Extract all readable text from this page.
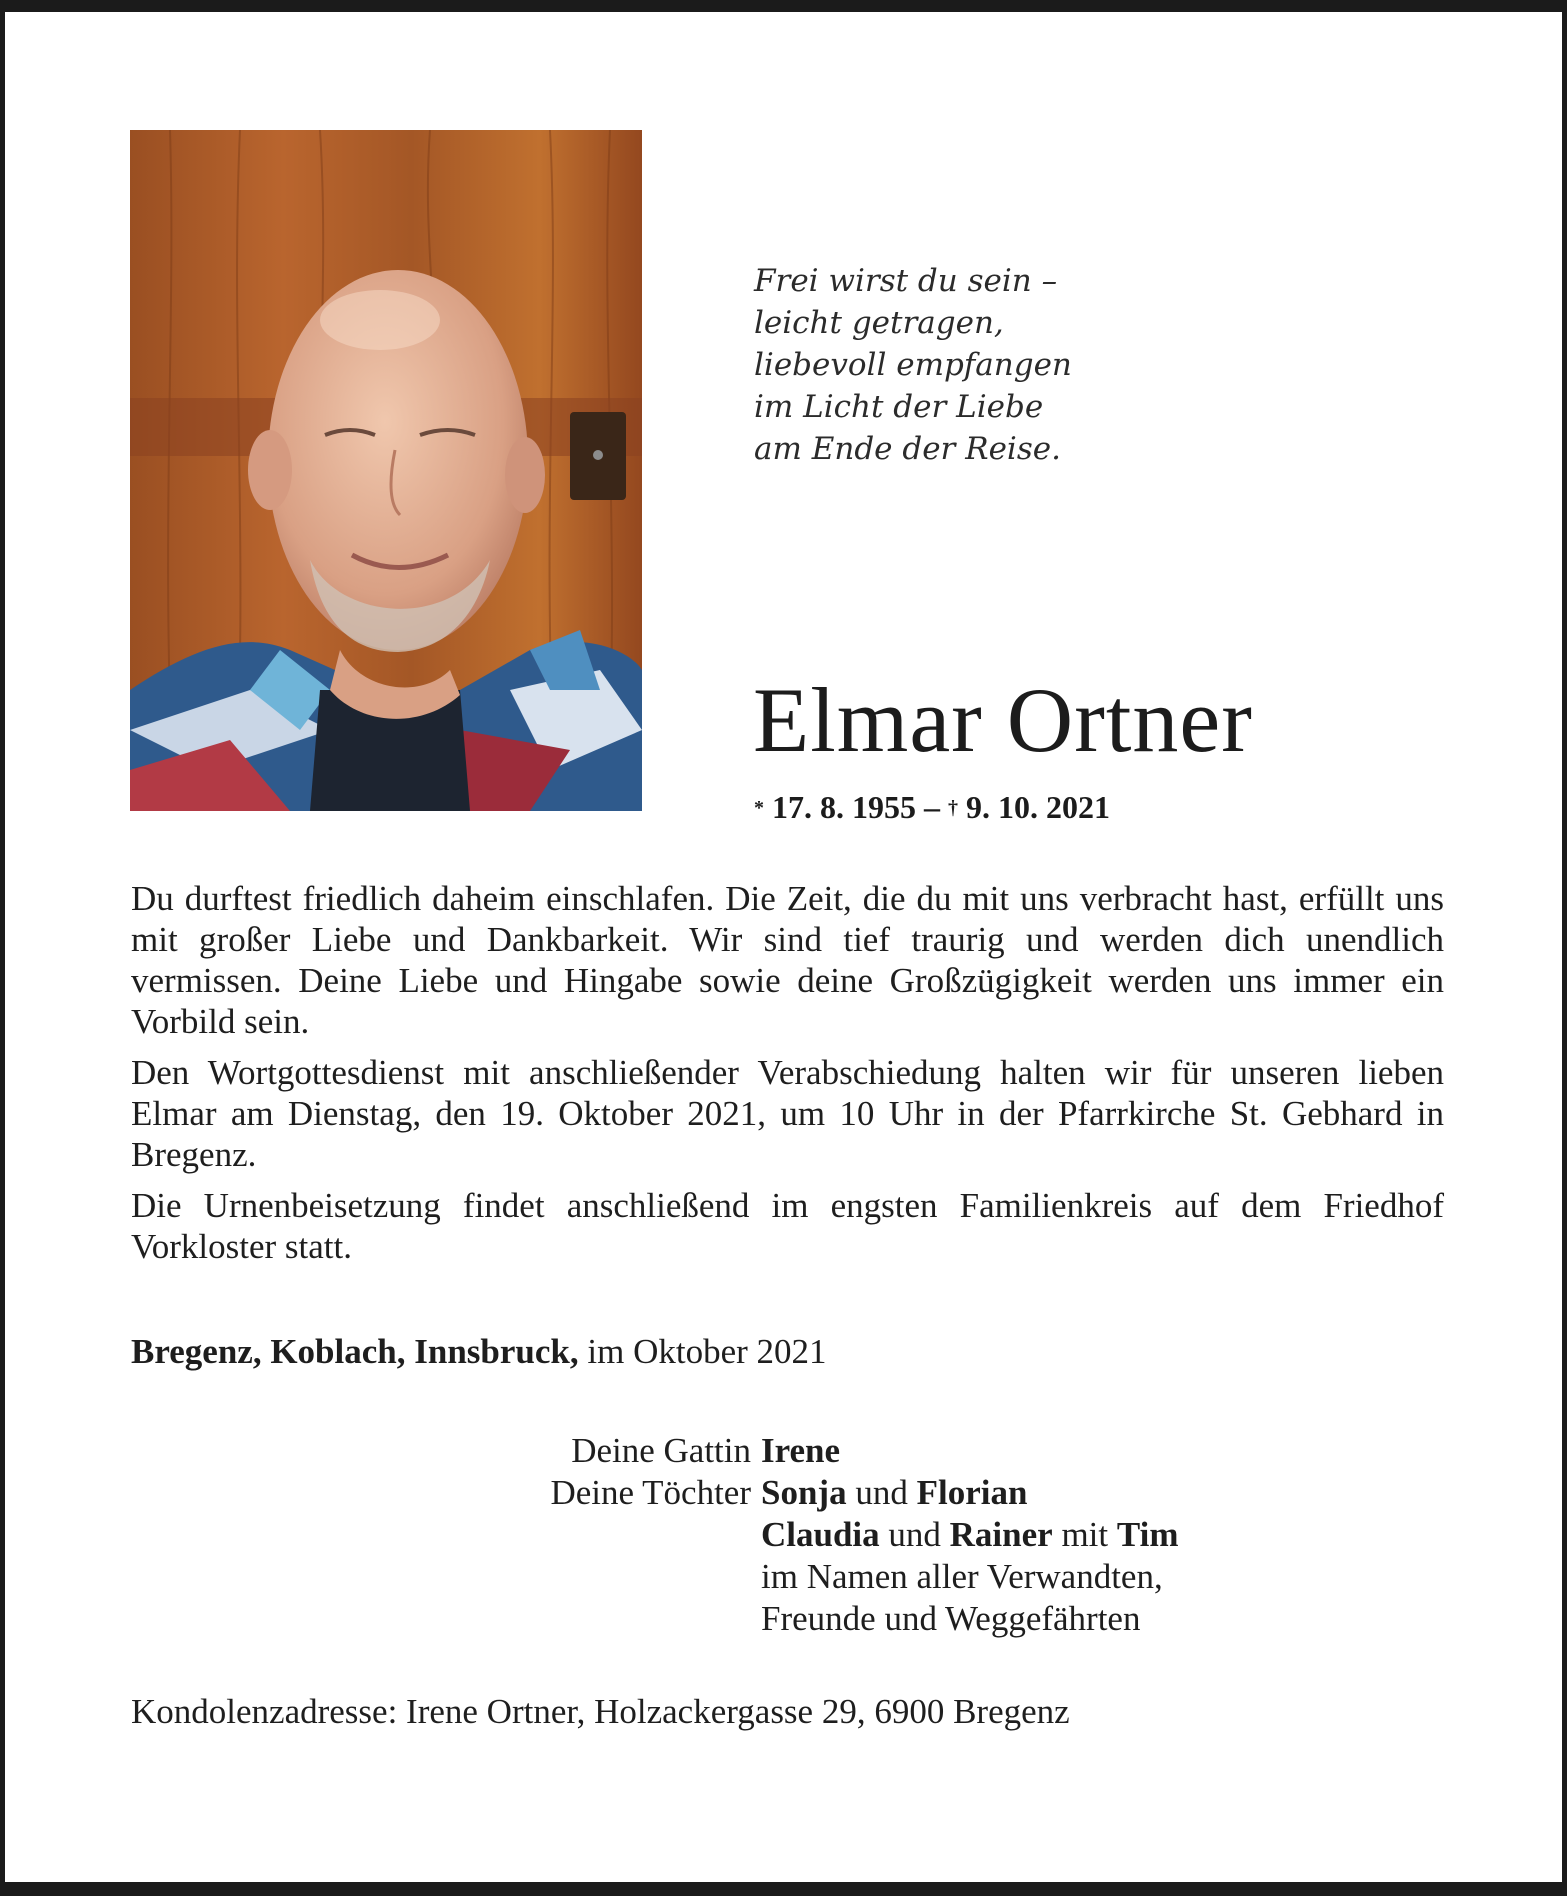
Frei wirst du sein –
leicht getragen,
liebevoll empfangen
im Licht der Liebe
am Ende der Reise.
Elmar Ortner
* 17. 8. 1955 – † 9. 10. 2021

Du durftest friedlich daheim einschlafen. Die Zeit, die du mit uns verbracht hast, erfüllt uns mit großer Liebe und Dankbarkeit. Wir sind tief traurig und werden dich unendlich vermissen. Deine Liebe und Hingabe sowie deine Großzügigkeit werden uns immer ein Vorbild sein.

Den Wortgottesdienst mit anschließender Verabschiedung halten wir für unseren lieben Elmar am Dienstag, den 19. Oktober 2021, um 10 Uhr in der Pfarrkirche St. Gebhard in Bregenz.

Die Urnenbeisetzung findet anschließend im engsten Familienkreis auf dem Friedhof Vorkloster statt.

Bregenz, Koblach, Innsbruck, im Oktober 2021
Deine Gattin Irene
Deine Töchter Sonja und Florian
Claudia und Rainer mit Tim
im Namen aller Verwandten,
Freunde und Weggefährten
Kondolenzadresse: Irene Ortner, Holzackergasse 29, 6900 Bregenz
